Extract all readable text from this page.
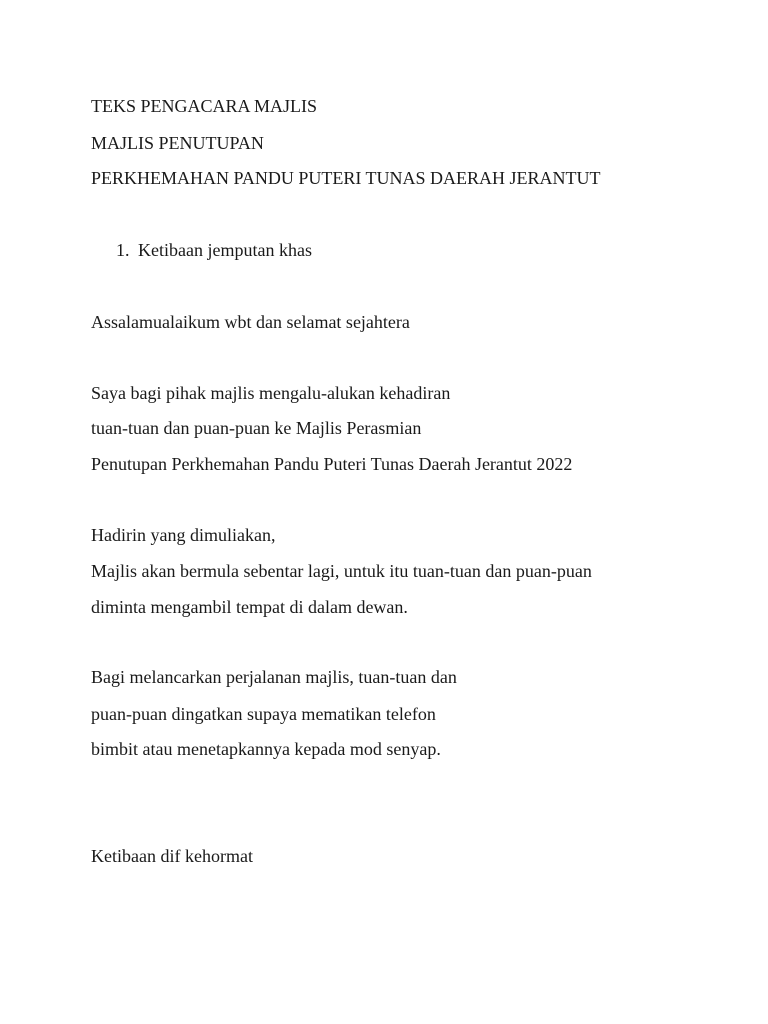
TEKS PENGACARA MAJLIS
MAJLIS PENUTUPAN
PERKHEMAHAN PANDU PUTERI TUNAS DAERAH JERANTUT
1. Ketibaan jemputan khas
Assalamualaikum wbt dan selamat sejahtera
Saya bagi pihak majlis mengalu-alukan kehadiran
tuan-tuan dan puan-puan ke Majlis Perasmian
Penutupan Perkhemahan Pandu Puteri Tunas Daerah Jerantut 2022
Hadirin yang dimuliakan,
Majlis akan bermula sebentar lagi, untuk itu tuan-tuan dan puan-puan
diminta mengambil tempat di dalam dewan.
Bagi melancarkan perjalanan majlis, tuan-tuan dan
puan-puan dingatkan supaya mematikan telefon
bimbit atau menetapkannya kepada mod senyap.
Ketibaan dif kehormat
